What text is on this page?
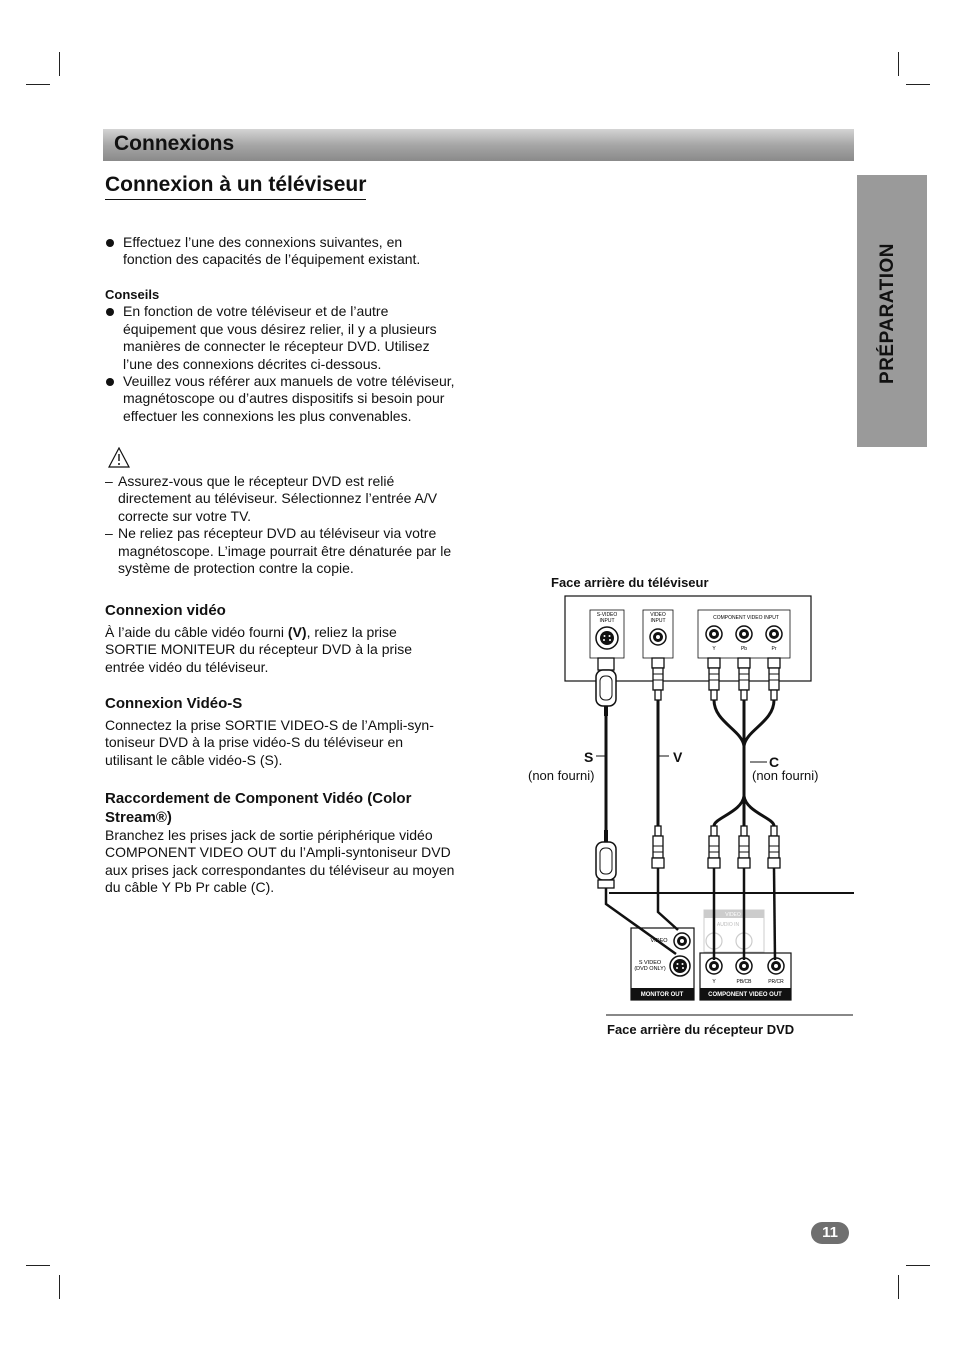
Connexions
Connexion à un téléviseur
PRÉPARATION
Effectuez l’une des connexions suivantes, en fonction des capacités de l’équipement existant.
Conseils
En fonction de votre téléviseur et de l’autre équipement que vous désirez relier, il y a plusieurs manières de connecter le récepteur DVD. Utilisez l’une des connexions décrites ci-dessous.
Veuillez vous référer aux manuels de votre téléviseur, magnétoscope ou d’autres dispositifs si besoin pour effectuer les connexions les plus convenables.
– Assurez-vous que le récepteur DVD est relié directement au téléviseur. Sélectionnez l’entrée A/V correcte sur votre TV.
– Ne reliez pas récepteur DVD au téléviseur via votre magnétoscope. L’image pourrait être dénaturée par le système de protection contre la copie.
Connexion vidéo
À l’aide du câble vidéo fourni (V), reliez la prise SORTIE MONITEUR du récepteur DVD à la prise entrée vidéo du téléviseur.
Connexion Vidéo-S
Connectez la prise SORTIE VIDEO-S de l’Ampli-syn-toniseur DVD à la prise vidéo-S du téléviseur en utilisant le câble vidéo-S (S).
Raccordement de Component Vidéo (Color Stream®)
Branchez les prises jack de sortie périphérique vidéo COMPONENT VIDEO OUT du l’Ampli-syntoniseur DVD aux prises jack correspondantes du téléviseur au moyen du câble Y Pb Pr cable (C).
Face arrière du téléviseur
Face arrière du récepteur DVD
S	V	C
(non fourni)	(non fourni)
S-VIDEO
INPUT
VIDEO
INPUT	COMPONENT VIDEO INPUT
Y	Pb	Pr
VIDEO
AUDIO IN
MONITOR OUT
VIDEO
S VIDEO
(DVD ONLY)
COMPONENT VIDEO OUT
Y	PB/CB	PR/CR
11
